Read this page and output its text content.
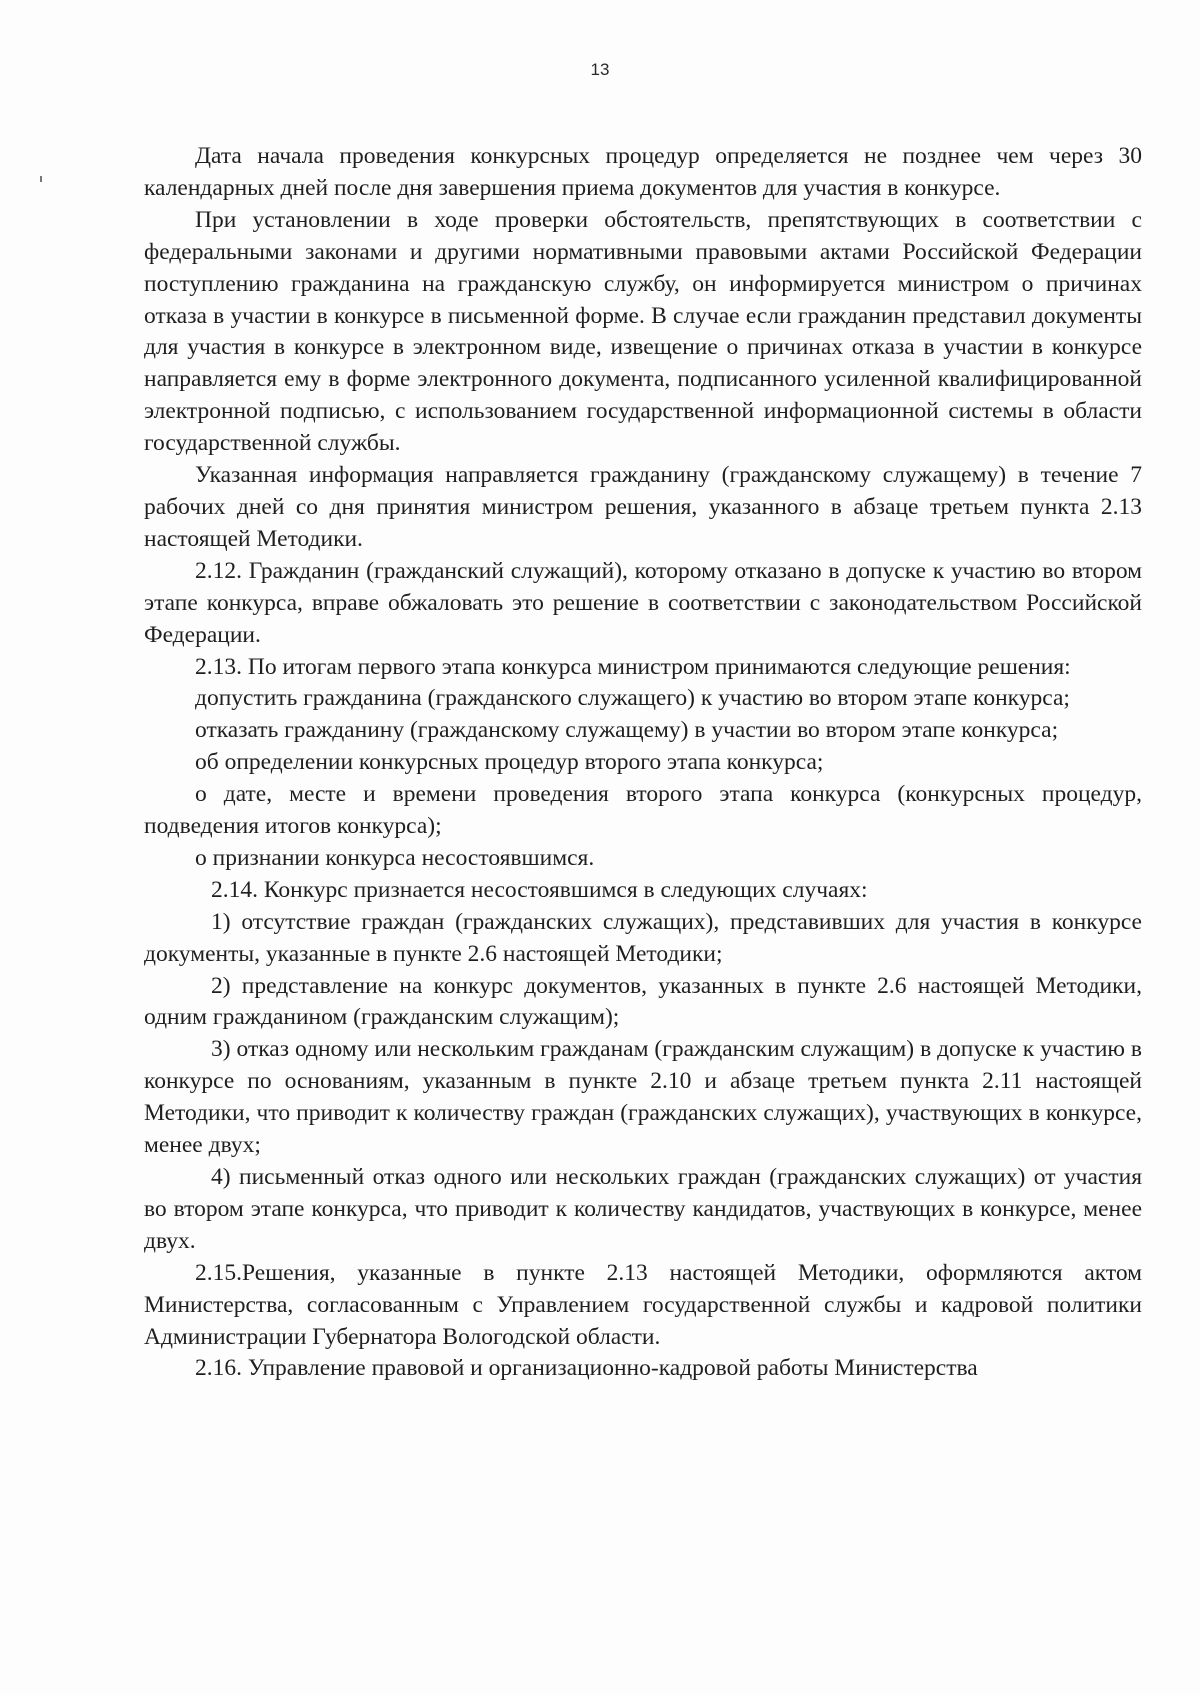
13

Дата начала проведения конкурсных процедур определяется не позднее чем через 30 календарных дней после дня завершения приема документов для участия в конкурсе.

При установлении в ходе проверки обстоятельств, препятствующих в соответствии с федеральными законами и другими нормативными правовыми актами Российской Федерации поступлению гражданина на гражданскую службу, он информируется министром о причинах отказа в участии в конкурсе в письменной форме. В случае если гражданин представил документы для участия в конкурсе в электронном виде, извещение о причинах отказа в участии в конкурсе направляется ему в форме электронного документа, подписанного усиленной квалифицированной электронной подписью, с использованием государственной информационной системы в области государственной службы.

Указанная информация направляется гражданину (гражданскому служащему) в течение 7 рабочих дней со дня принятия министром решения, указанного в абзаце третьем пункта 2.13 настоящей Методики.

2.12. Гражданин (гражданский служащий), которому отказано в допуске к участию во втором этапе конкурса, вправе обжаловать это решение в соответствии с законодательством Российской Федерации.

2.13. По итогам первого этапа конкурса министром принимаются следующие решения:

допустить гражданина (гражданского служащего) к участию во втором этапе конкурса;

отказать гражданину (гражданскому служащему) в участии во втором этапе конкурса;

об определении конкурсных процедур второго этапа конкурса;

о дате, месте и времени проведения второго этапа конкурса (конкурсных процедур, подведения итогов конкурса);

о признании конкурса несостоявшимся.

2.14. Конкурс признается несостоявшимся в следующих случаях:

1) отсутствие граждан (гражданских служащих), представивших для участия в конкурсе документы, указанные в пункте 2.6 настоящей Методики;

2) представление на конкурс документов, указанных в пункте 2.6 настоящей Методики, одним гражданином (гражданским служащим);

3) отказ одному или нескольким гражданам (гражданским служащим) в допуске к участию в конкурсе по основаниям, указанным в пункте 2.10 и абзаце третьем пункта 2.11 настоящей Методики, что приводит к количеству граждан (гражданских служащих), участвующих в конкурсе, менее двух;

4) письменный отказ одного или нескольких граждан (гражданских служащих) от участия во втором этапе конкурса, что приводит к количеству кандидатов, участвующих в конкурсе, менее двух.

2.15.Решения, указанные в пункте 2.13 настоящей Методики, оформляются актом Министерства, согласованным с Управлением государственной службы и кадровой политики Администрации Губернатора Вологодской области.

2.16. Управление правовой и организационно-кадровой работы Министерства
